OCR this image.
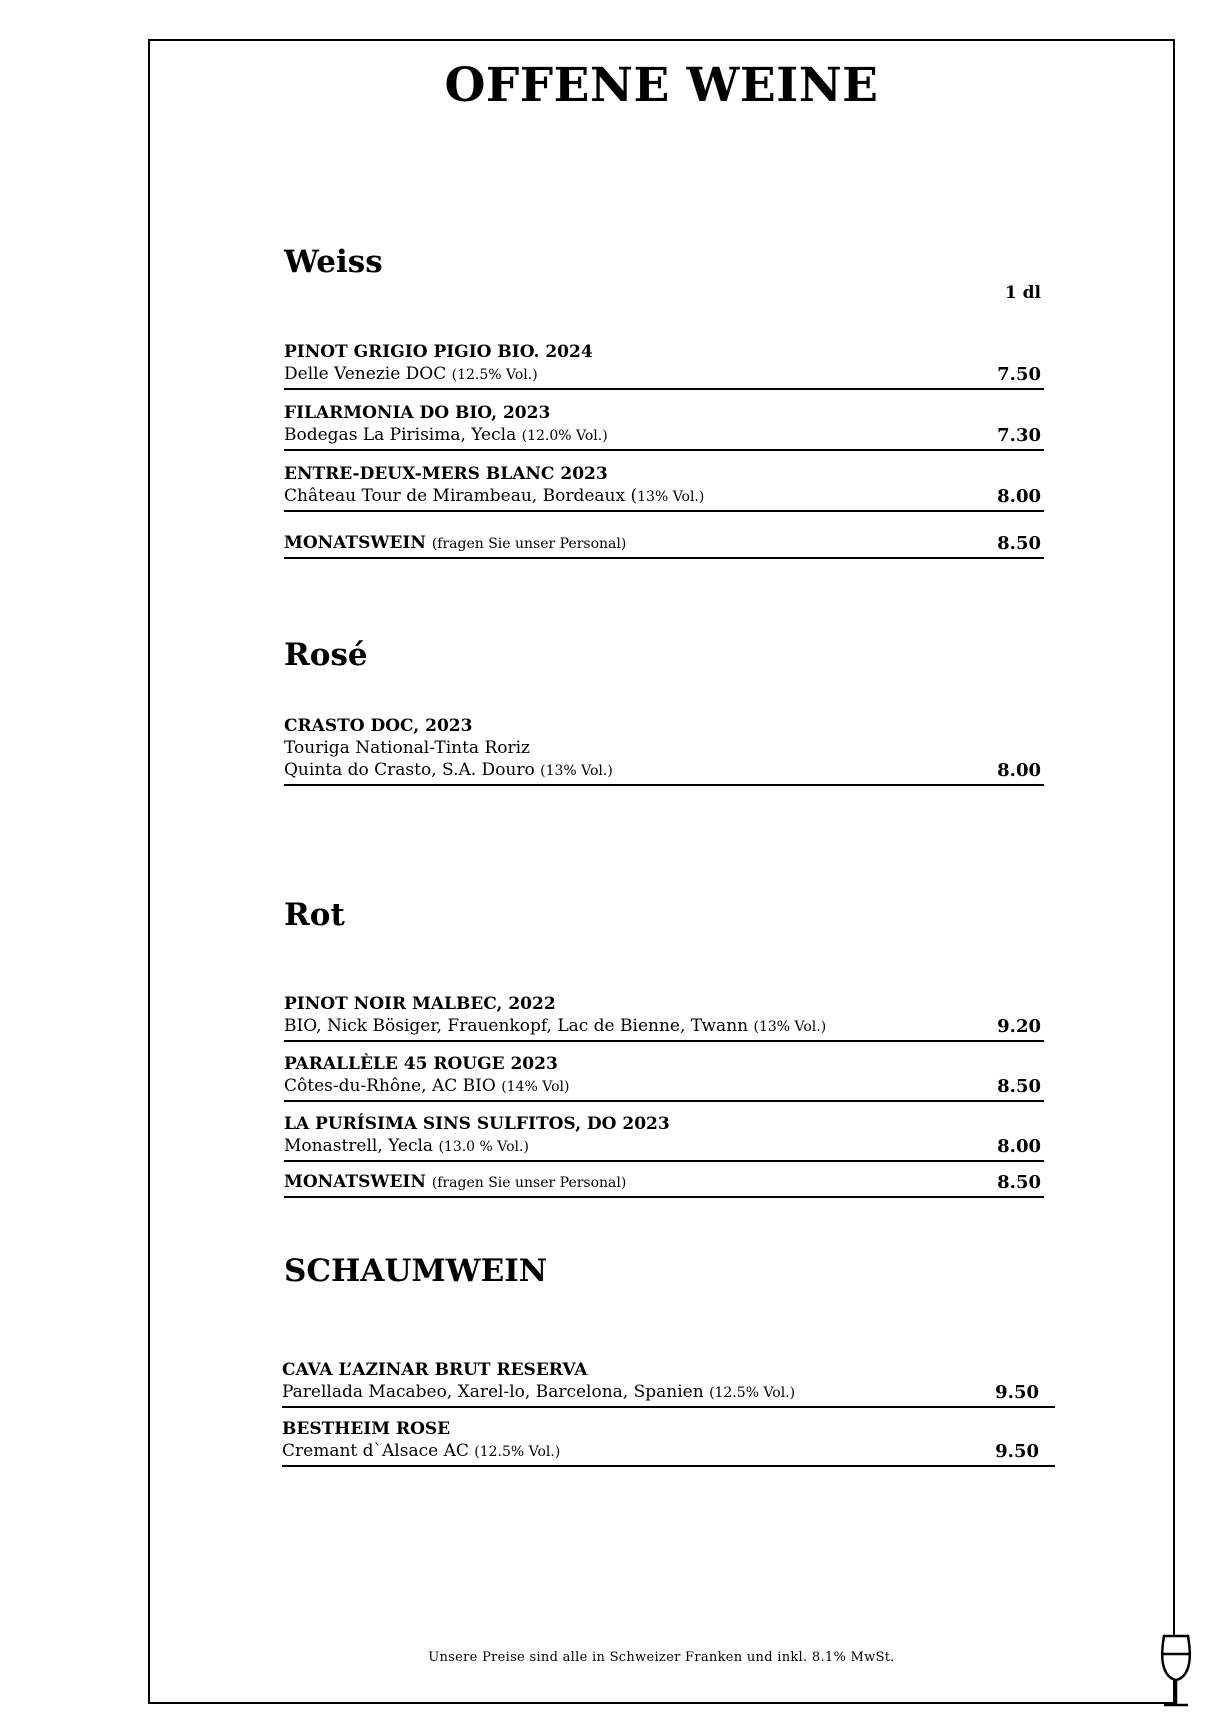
OFFENE WEINE
Weiss
1 dl
PINOT GRIGIO PIGIO BIO. 2024
Delle Venezie DOC (12.5% Vol.)	7.50
FILARMONIA DO BIO, 2023
Bodegas La Pirisima, Yecla (12.0% Vol.)	7.30
ENTRE-DEUX-MERS BLANC 2023
Château Tour de Mirambeau, Bordeaux (13% Vol.)	8.00
MONATSWEIN (fragen Sie unser Personal)	8.50
Rosé
CRASTO DOC, 2023
Touriga National-Tinta Roriz
Quinta do Crasto, S.A. Douro (13% Vol.)	8.00
Rot
PINOT NOIR MALBEC, 2022
BIO, Nick Bösiger, Frauenkopf, Lac de Bienne, Twann (13% Vol.)	9.20
PARALLÈLE 45 ROUGE 2023
Côtes-du-Rhône, AC BIO (14% Vol)	8.50
LA PURÍSIMA SINS SULFITOS, DO 2023
Monastrell, Yecla (13.0 % Vol.)	8.00
MONATSWEIN (fragen Sie unser Personal)	8.50
SCHAUMWEIN
CAVA L’AZINAR BRUT RESERVA
Parellada Macabeo, Xarel-lo, Barcelona, Spanien (12.5% Vol.)	9.50
BESTHEIM ROSE
Cremant d`Alsace AC (12.5% Vol.)	9.50
Unsere Preise sind alle in Schweizer Franken und inkl. 8.1% MwSt.
